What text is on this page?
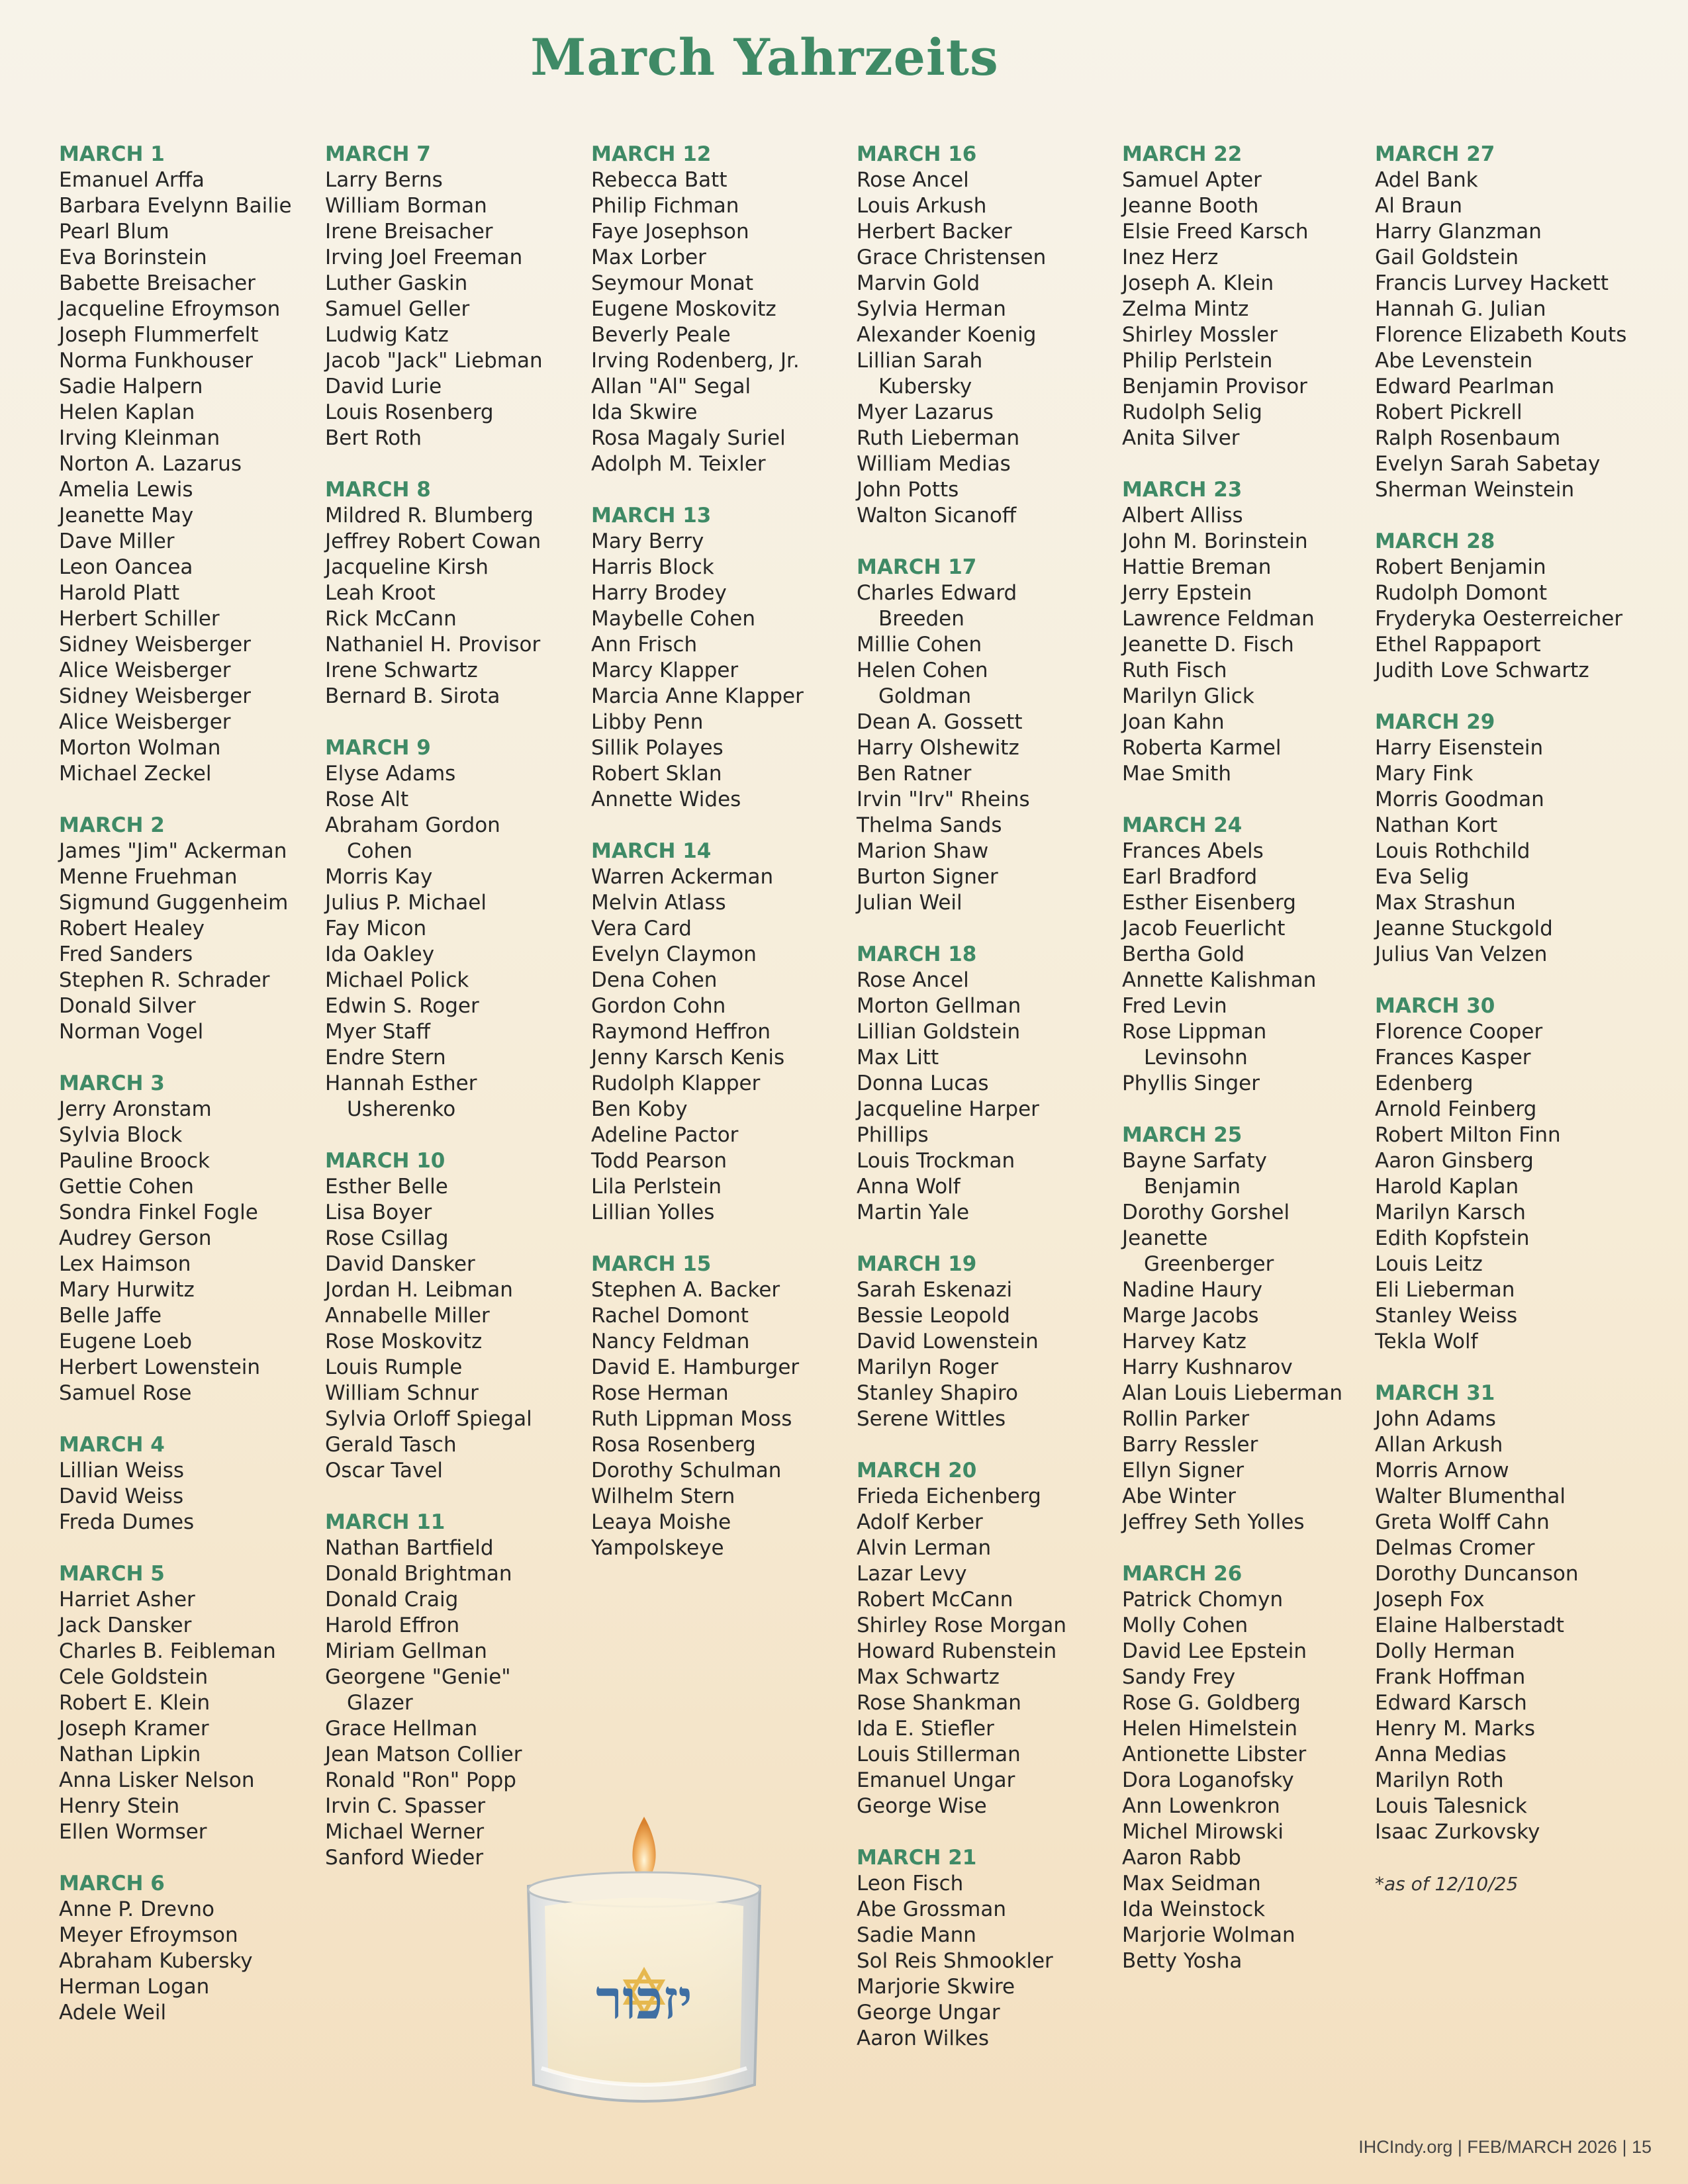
March Yahrzeits
MARCH 1
Emanuel Arffa
Barbara Evelynn Bailie
Pearl Blum
Eva Borinstein
Babette Breisacher
Jacqueline Efroymson
Joseph Flummerfelt
Norma Funkhouser
Sadie Halpern
Helen Kaplan
Irving Kleinman
Norton A. Lazarus
Amelia Lewis
Jeanette May
Dave Miller
Leon Oancea
Harold Platt
Herbert Schiller
Sidney Weisberger
Alice Weisberger
Sidney Weisberger
Alice Weisberger
Morton Wolman
Michael Zeckel
MARCH 2
James "Jim" Ackerman
Menne Fruehman
Sigmund Guggenheim
Robert Healey
Fred Sanders
Stephen R. Schrader
Donald Silver
Norman Vogel
MARCH 3
Jerry Aronstam
Sylvia Block
Pauline Broock
Gettie Cohen
Sondra Finkel Fogle
Audrey Gerson
Lex Haimson
Mary Hurwitz
Belle Jaffe
Eugene Loeb
Herbert Lowenstein
Samuel Rose
MARCH 4
Lillian Weiss
David Weiss
Freda Dumes
MARCH 5
Harriet Asher
Jack Dansker
Charles B. Feibleman
Cele Goldstein
Robert E. Klein
Joseph Kramer
Nathan Lipkin
Anna Lisker Nelson
Henry Stein
Ellen Wormser
MARCH 6
Anne P. Drevno
Meyer Efroymson
Abraham Kubersky
Herman Logan
Adele Weil
MARCH 7
Larry Berns
William Borman
Irene Breisacher
Irving Joel Freeman
Luther Gaskin
Samuel Geller
Ludwig Katz
Jacob "Jack" Liebman
David Lurie
Louis Rosenberg
Bert Roth
MARCH 8
Mildred R. Blumberg
Jeffrey Robert Cowan
Jacqueline Kirsh
Leah Kroot
Rick McCann
Nathaniel H. Provisor
Irene Schwartz
Bernard B. Sirota
MARCH 9
Elyse Adams
Rose Alt
Abraham Gordon
Cohen
Morris Kay
Julius P. Michael
Fay Micon
Ida Oakley
Michael Polick
Edwin S. Roger
Myer Staff
Endre Stern
Hannah Esther
Usherenko
MARCH 10
Esther Belle
Lisa Boyer
Rose Csillag
David Dansker
Jordan H. Leibman
Annabelle Miller
Rose Moskovitz
Louis Rumple
William Schnur
Sylvia Orloff Spiegal
Gerald Tasch
Oscar Tavel
MARCH 11
Nathan Bartfield
Donald Brightman
Donald Craig
Harold Effron
Miriam Gellman
Georgene "Genie"
Glazer
Grace Hellman
Jean Matson Collier
Ronald "Ron" Popp
Irvin C. Spasser
Michael Werner
Sanford Wieder
MARCH 12
Rebecca Batt
Philip Fichman
Faye Josephson
Max Lorber
Seymour Monat
Eugene Moskovitz
Beverly Peale
Irving Rodenberg, Jr.
Allan "Al" Segal
Ida Skwire
Rosa Magaly Suriel
Adolph M. Teixler
MARCH 13
Mary Berry
Harris Block
Harry Brodey
Maybelle Cohen
Ann Frisch
Marcy Klapper
Marcia Anne Klapper
Libby Penn
Sillik Polayes
Robert Sklan
Annette Wides
MARCH 14
Warren Ackerman
Melvin Atlass
Vera Card
Evelyn Claymon
Dena Cohen
Gordon Cohn
Raymond Heffron
Jenny Karsch Kenis
Rudolph Klapper
Ben Koby
Adeline Pactor
Todd Pearson
Lila Perlstein
Lillian Yolles
MARCH 15
Stephen A. Backer
Rachel Domont
Nancy Feldman
David E. Hamburger
Rose Herman
Ruth Lippman Moss
Rosa Rosenberg
Dorothy Schulman
Wilhelm Stern
Leaya Moishe
Yampolskeye
MARCH 16
Rose Ancel
Louis Arkush
Herbert Backer
Grace Christensen
Marvin Gold
Sylvia Herman
Alexander Koenig
Lillian Sarah
Kubersky
Myer Lazarus
Ruth Lieberman
William Medias
John Potts
Walton Sicanoff
MARCH 17
Charles Edward
Breeden
Millie Cohen
Helen Cohen
Goldman
Dean A. Gossett
Harry Olshewitz
Ben Ratner
Irvin "Irv" Rheins
Thelma Sands
Marion Shaw
Burton Signer
Julian Weil
MARCH 18
Rose Ancel
Morton Gellman
Lillian Goldstein
Max Litt
Donna Lucas
Jacqueline Harper
Phillips
Louis Trockman
Anna Wolf
Martin Yale
MARCH 19
Sarah Eskenazi
Bessie Leopold
David Lowenstein
Marilyn Roger
Stanley Shapiro
Serene Wittles
MARCH 20
Frieda Eichenberg
Adolf Kerber
Alvin Lerman
Lazar Levy
Robert McCann
Shirley Rose Morgan
Howard Rubenstein
Max Schwartz
Rose Shankman
Ida E. Stiefler
Louis Stillerman
Emanuel Ungar
George Wise
MARCH 21
Leon Fisch
Abe Grossman
Sadie Mann
Sol Reis Shmookler
Marjorie Skwire
George Ungar
Aaron Wilkes
MARCH 22
Samuel Apter
Jeanne Booth
Elsie Freed Karsch
Inez Herz
Joseph A. Klein
Zelma Mintz
Shirley Mossler
Philip Perlstein
Benjamin Provisor
Rudolph Selig
Anita Silver
MARCH 23
Albert Alliss
John M. Borinstein
Hattie Breman
Jerry Epstein
Lawrence Feldman
Jeanette D. Fisch
Ruth Fisch
Marilyn Glick
Joan Kahn
Roberta Karmel
Mae Smith
MARCH 24
Frances Abels
Earl Bradford
Esther Eisenberg
Jacob Feuerlicht
Bertha Gold
Annette Kalishman
Fred Levin
Rose Lippman
Levinsohn
Phyllis Singer
MARCH 25
Bayne Sarfaty
Benjamin
Dorothy Gorshel
Jeanette
Greenberger
Nadine Haury
Marge Jacobs
Harvey Katz
Harry Kushnarov
Alan Louis Lieberman
Rollin Parker
Barry Ressler
Ellyn Signer
Abe Winter
Jeffrey Seth Yolles
MARCH 26
Patrick Chomyn
Molly Cohen
David Lee Epstein
Sandy Frey
Rose G. Goldberg
Helen Himelstein
Antionette Libster
Dora Loganofsky
Ann Lowenkron
Michel Mirowski
Aaron Rabb
Max Seidman
Ida Weinstock
Marjorie Wolman
Betty Yosha
MARCH 27
Adel Bank
Al Braun
Harry Glanzman
Gail Goldstein
Francis Lurvey Hackett
Hannah G. Julian
Florence Elizabeth Kouts
Abe Levenstein
Edward Pearlman
Robert Pickrell
Ralph Rosenbaum
Evelyn Sarah Sabetay
Sherman Weinstein
MARCH 28
Robert Benjamin
Rudolph Domont
Fryderyka Oesterreicher
Ethel Rappaport
Judith Love Schwartz
MARCH 29
Harry Eisenstein
Mary Fink
Morris Goodman
Nathan Kort
Louis Rothchild
Eva Selig
Max Strashun
Jeanne Stuckgold
Julius Van Velzen
MARCH 30
Florence Cooper
Frances Kasper
Edenberg
Arnold Feinberg
Robert Milton Finn
Aaron Ginsberg
Harold Kaplan
Marilyn Karsch
Edith Kopfstein
Louis Leitz
Eli Lieberman
Stanley Weiss
Tekla Wolf
MARCH 31
John Adams
Allan Arkush
Morris Arnow
Walter Blumenthal
Greta Wolff Cahn
Delmas Cromer
Dorothy Duncanson
Joseph Fox
Elaine Halberstadt
Dolly Herman
Frank Hoffman
Edward Karsch
Henry M. Marks
Anna Medias
Marilyn Roth
Louis Talesnick
Isaac Zurkovsky
*as of 12/10/25
יזכור
IHCIndy.org | FEB/MARCH 2026 | 15
